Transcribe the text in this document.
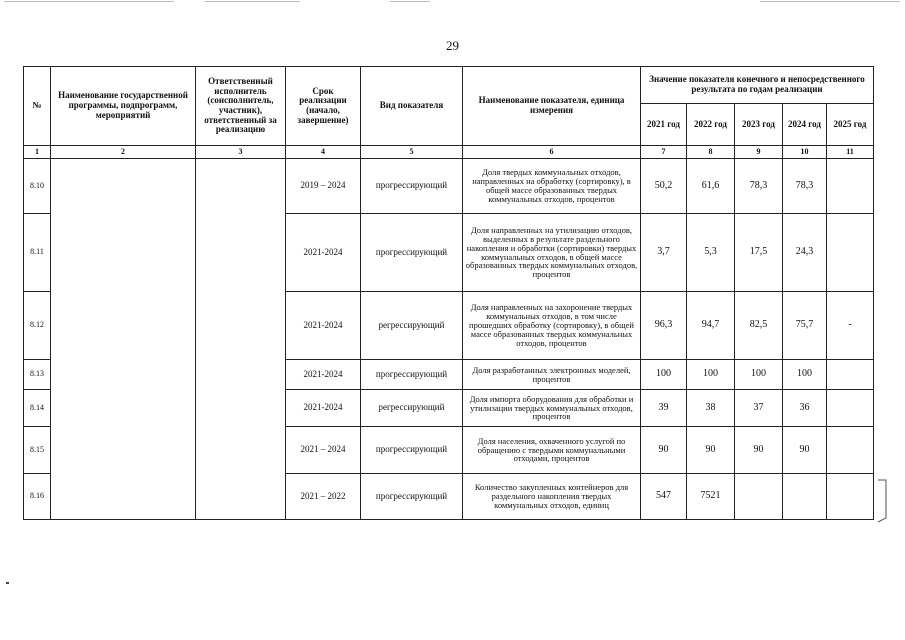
29
№	Наименование государственной программы, подпрограмм, мероприятий	Ответственный исполнитель (соисполнитель, участник), ответственный за реализацию	Срок реализации (начало, завершение)	Вид показателя	Наименование показателя, единица измерения	Значение показателя конечного и непосредственного результата по годам реализации				
						2021 год	2022 год	2023 год	2024 год	2025 год
1	2	3	4	5	6	7	8	9	10	11
8.10			2019 – 2024	прогрессирующий	Доля твердых коммунальных отходов, направленных на обработку (сортировку), в общей массе образованных твердых коммунальных отходов, процентов	50,2	61,6	78,3	78,3	
8.11			2021-2024	прогрессирующий	Доля направленных на утилизацию отходов, выделенных в результате раздельного накопления и обработки (сортировки) твердых коммунальных отходов, в общей массе образованных твердых коммунальных отходов, процентов	3,7	5,3	17,5	24,3	
8.12			2021-2024	регрессирующий	Доля направленных на захоронение твердых коммунальных отходов, в том числе прошедших обработку (сортировку), в общей массе образованных твердых коммунальных отходов, процентов	96,3	94,7	82,5	75,7	-
8.13			2021-2024	прогрессирующий	Доля разработанных электронных моделей, процентов	100	100	100	100	
8.14			2021-2024	регрессирующий	Доля импорта оборудования для обработки и утилизации твердых коммунальных отходов, процентов	39	38	37	36	
8.15			2021 – 2024	прогрессирующий	Доля населения, охваченного услугой по обращению с твердыми коммунальными отходами, процентов	90	90	90	90	
8.16			2021 – 2022	прогрессирующий	Количество закупленных контейнеров для раздельного накопления твердых коммунальных отходов, единиц	547	7521			
